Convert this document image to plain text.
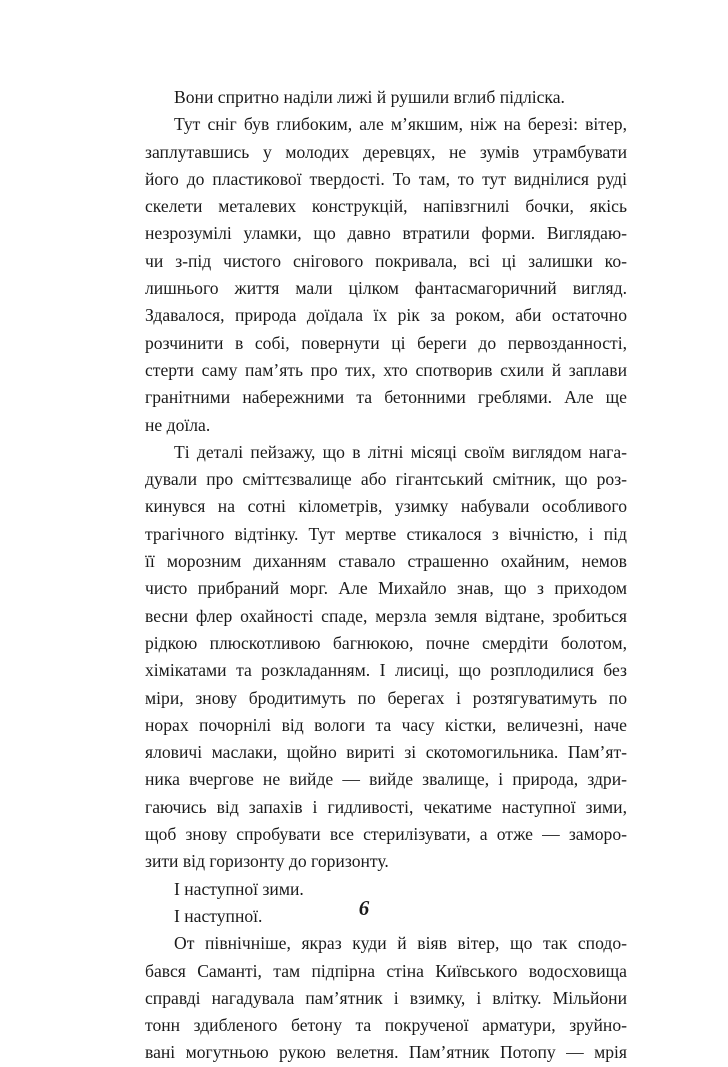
Вони спритно наділи лижі й рушили вглиб підліска.
Тут сніг був глибоким, але м’якшим, ніж на березі: вітер,
заплутавшись у молодих деревцях, не зумів утрамбувати
його до пластикової твердості. То там, то тут виднілися руді
скелети металевих конструкцій, напівзгнилі бочки, якісь
незрозумілі уламки, що давно втратили форми. Виглядаю-
чи з-під чистого снігового покривала, всі ці залишки ко-
лишнього життя мали цілком фантасмагоричний вигляд.
Здавалося, природа доїдала їх рік за роком, аби остаточно
розчинити в собі, повернути ці береги до первозданності,
стерти саму пам’ять про тих, хто спотворив схили й заплави
гранітними набережними та бетонними греблями. Але ще
не доїла.
Ті деталі пейзажу, що в літні місяці своїм виглядом нага-
дували про сміттєзвалище або гігантський смітник, що роз-
кинувся на сотні кілометрів, узимку набували особливого
трагічного відтінку. Тут мертве стикалося з вічністю, і під
її морозним диханням ставало страшенно охайним, немов
чисто прибраний морг. Але Михайло знав, що з приходом
весни флер охайності спаде, мерзла земля відтане, зробиться
рідкою плюскотливою багнюкою, почне смердіти болотом,
хімікатами та розкладанням. І лисиці, що розплодилися без
міри, знову бродитимуть по берегах і розтягуватимуть по
норах почорнілі від вологи та часу кістки, величезні, наче
яловичі маслаки, щойно вириті зі скотомогильника. Пам’ят-
ника вчергове не вийде — вийде звалище, і природа, здри-
гаючись від запахів і гидливості, чекатиме наступної зими,
щоб знову спробувати все стерилізувати, а отже — заморо-
зити від горизонту до горизонту.
І наступної зими.
І наступної.
От північніше, якраз куди й віяв вітер, що так сподо-
бався Саманті, там підпірна стіна Київського водосховища
справді нагадувала пам’ятник і взимку, і влітку. Мільйони
тонн здибленого бетону та покрученої арматури, зруйно-
вані могутньою рукою велетня. Пам’ятник Потопу — мрія
6
